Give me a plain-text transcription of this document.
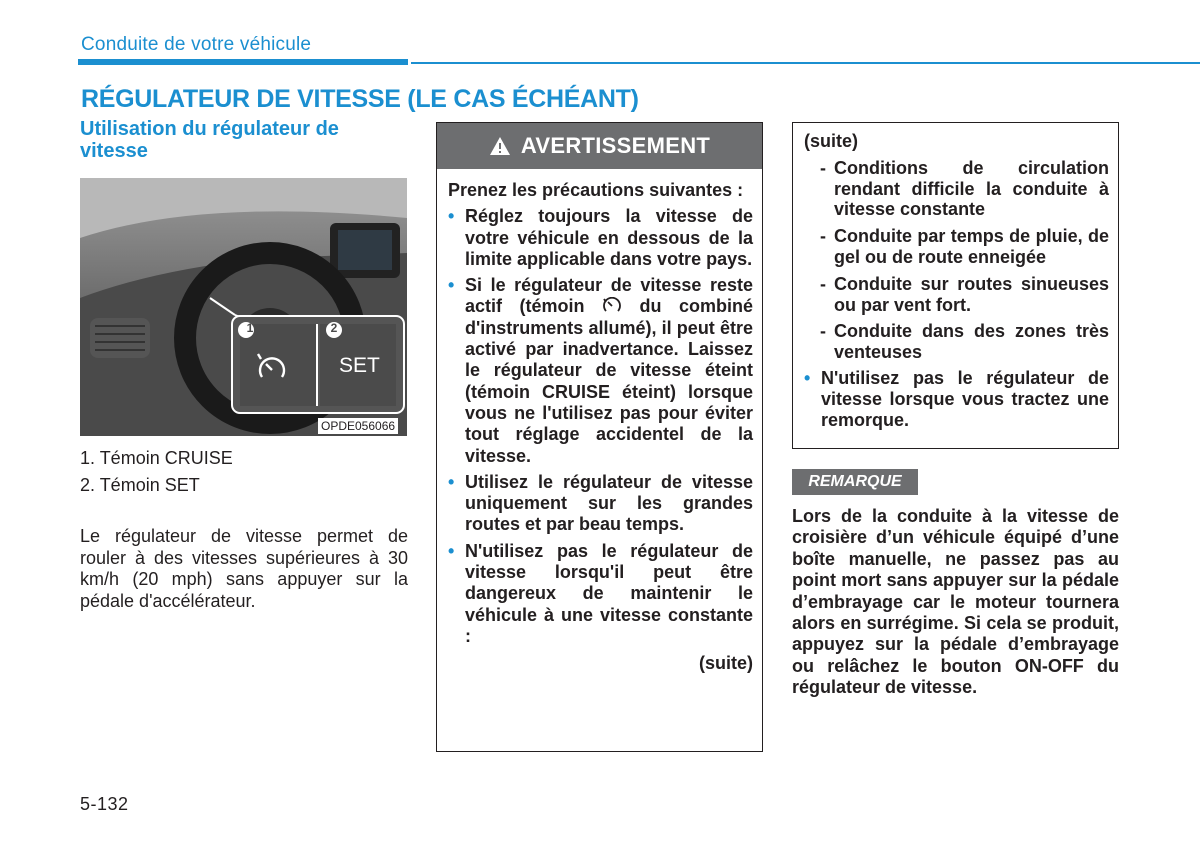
Conduite de votre véhicule
RÉGULATEUR DE VITESSE (LE CAS ÉCHÉANT)
Utilisation du régulateur de vitesse
1	2
SET
OPDE056066
1. Témoin CRUISE
2. Témoin SET
Le régulateur de vitesse permet de rouler à des vitesses supérieures à 30 km/h (20 mph) sans appuyer sur la pédale d'accélérateur.
AVERTISSEMENT
Prenez les précautions suivantes :
• Réglez toujours la vitesse de votre véhicule en dessous de la limite applicable dans votre pays.
• Si le régulateur de vitesse reste actif (témoin	du combiné d'instruments allumé), il peut être activé par inadvertance. Laissez le régulateur de vitesse éteint (témoin CRUISE éteint) lorsque vous ne l'utilisez pas pour éviter tout réglage accidentel de la vitesse.
• Utilisez le régulateur de vitesse uniquement sur les grandes routes et par beau temps.
• N'utilisez pas le régulateur de vitesse lorsqu'il peut être dangereux de maintenir le véhicule à une vitesse constante :
(suite)
(suite)
- Conditions de circulation rendant difficile la conduite à vitesse constante
- Conduite par temps de pluie, de gel ou de route enneigée
- Conduite sur routes sinueuses ou par vent fort.
- Conduite dans des zones très venteuses
• N'utilisez pas le régulateur de vitesse lorsque vous tractez une remorque.
REMARQUE
Lors de la conduite à la vitesse de croisière d’un véhicule équipé d’une boîte manuelle, ne passez pas au point mort sans appuyer sur la pédale d’embrayage car le moteur tournera alors en surrégime. Si cela se produit, appuyez sur la pédale d’embrayage ou relâchez le bouton ON-OFF du régulateur de vitesse.
5-132
